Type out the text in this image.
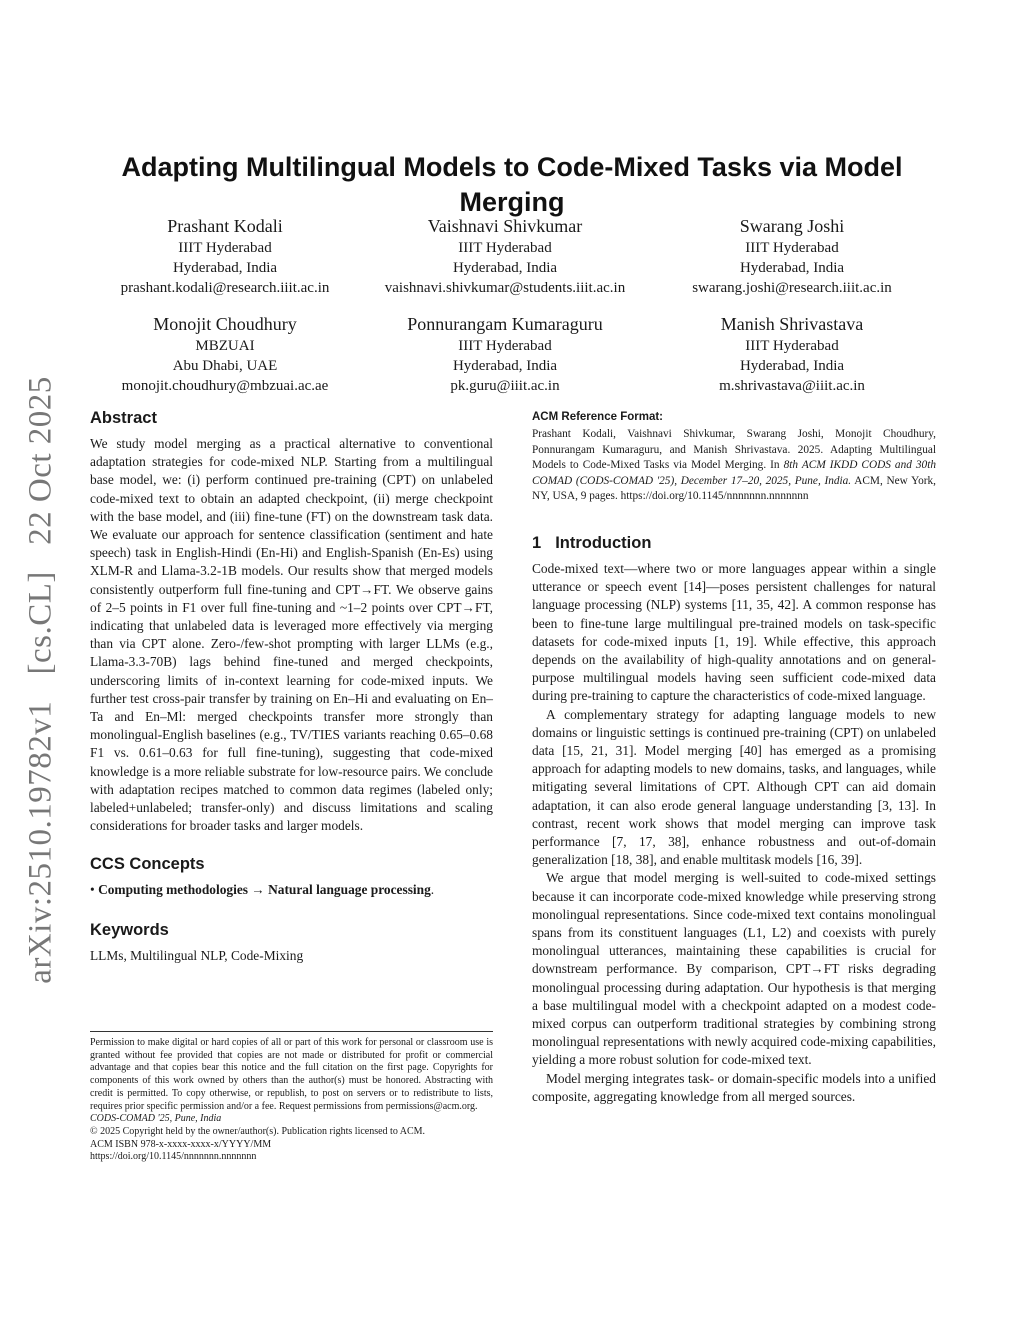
arXiv:2510.19782v1   [cs.CL]   22 Oct 2025
Adapting Multilingual Models to Code-Mixed Tasks via Model Merging
Prashant Kodali
IIIT Hyderabad
Hyderabad, India
prashant.kodali@research.iiit.ac.in
Vaishnavi Shivkumar
IIIT Hyderabad
Hyderabad, India
vaishnavi.shivkumar@students.iiit.ac.in
Swarang Joshi
IIIT Hyderabad
Hyderabad, India
swarang.joshi@research.iiit.ac.in
Monojit Choudhury
MBZUAI
Abu Dhabi, UAE
monojit.choudhury@mbzuai.ac.ae
Ponnurangam Kumaraguru
IIIT Hyderabad
Hyderabad, India
pk.guru@iiit.ac.in
Manish Shrivastava
IIIT Hyderabad
Hyderabad, India
m.shrivastava@iiit.ac.in
Abstract

We study model merging as a practical alternative to conventional adaptation strategies for code-mixed NLP. Starting from a multilingual base model, we: (i) perform continued pre-training (CPT) on unlabeled code-mixed text to obtain an adapted checkpoint, (ii) merge checkpoint with the base model, and (iii) fine-tune (FT) on the downstream task data. We evaluate our approach for sentence classification (sentiment and hate speech) task in English-Hindi (En-Hi) and English-Spanish (En-Es) using XLM-R and Llama-3.2-1B models. Our results show that merged models consistently outperform full fine-tuning and CPT→FT. We observe gains of 2–5 points in F1 over full fine-tuning and ~1–2 points over CPT→FT, indicating that unlabeled data is leveraged more effectively via merging than via CPT alone. Zero-/few-shot prompting with larger LLMs (e.g., Llama-3.3-70B) lags behind fine-tuned and merged checkpoints, underscoring limits of in-context learning for code-mixed inputs. We further test cross-pair transfer by training on En–Hi and evaluating on En–Ta and En–Ml: merged checkpoints transfer more strongly than monolingual-English baselines (e.g., TV/TIES variants reaching 0.65–0.68 F1 vs. 0.61–0.63 for full fine-tuning), suggesting that code-mixed knowledge is a more reliable substrate for low-resource pairs. We conclude with adaptation recipes matched to common data regimes (labeled only; labeled+unlabeled; transfer-only) and discuss limitations and scaling considerations for broader tasks and larger models.

CCS Concepts

• Computing methodologies → Natural language processing.

Keywords

LLMs, Multilingual NLP, Code-Mixing

Permission to make digital or hard copies of all or part of this work for personal or classroom use is granted without fee provided that copies are not made or distributed for profit or commercial advantage and that copies bear this notice and the full citation on the first page. Copyrights for components of this work owned by others than the author(s) must be honored. Abstracting with credit is permitted. To copy otherwise, or republish, to post on servers or to redistribute to lists, requires prior specific permission and/or a fee. Request permissions from permissions@acm.org.

CODS-COMAD '25, Pune, India

© 2025 Copyright held by the owner/author(s). Publication rights licensed to ACM.

ACM ISBN 978-x-xxxx-xxxx-x/YYYY/MM

https://doi.org/10.1145/nnnnnnn.nnnnnnn

ACM Reference Format:

Prashant Kodali, Vaishnavi Shivkumar, Swarang Joshi, Monojit Choudhury, Ponnurangam Kumaraguru, and Manish Shrivastava. 2025. Adapting Multilingual Models to Code-Mixed Tasks via Model Merging. In 8th ACM IKDD CODS and 30th COMAD (CODS-COMAD '25), December 17–20, 2025, Pune, India. ACM, New York, NY, USA, 9 pages. https://doi.org/10.1145/nnnnnnn.nnnnnnn

1 Introduction

Code-mixed text—where two or more languages appear within a single utterance or speech event [14]—poses persistent challenges for natural language processing (NLP) systems [11, 35, 42]. A common response has been to fine-tune large multilingual pre-trained models on task-specific datasets for code-mixed inputs [1, 19]. While effective, this approach depends on the availability of high-quality annotations and on general-purpose multilingual models having seen sufficient code-mixed data during pre-training to capture the characteristics of code-mixed language.

A complementary strategy for adapting language models to new domains or linguistic settings is continued pre-training (CPT) on unlabeled data [15, 21, 31]. Model merging [40] has emerged as a promising approach for adapting models to new domains, tasks, and languages, while mitigating several limitations of CPT. Although CPT can aid domain adaptation, it can also erode general language understanding [3, 13]. In contrast, recent work shows that model merging can improve task performance [7, 17, 38], enhance robustness and out-of-domain generalization [18, 38], and enable multitask models [16, 39].

We argue that model merging is well-suited to code-mixed settings because it can incorporate code-mixed knowledge while preserving strong monolingual representations. Since code-mixed text contains monolingual spans from its constituent languages (L1, L2) and coexists with purely monolingual utterances, maintaining these capabilities is crucial for downstream performance. By comparison, CPT→FT risks degrading monolingual processing during adaptation. Our hypothesis is that merging a base multilingual model with a checkpoint adapted on a modest code-mixed corpus can outperform traditional strategies by combining strong monolingual representations with newly acquired code-mixing capabilities, yielding a more robust solution for code-mixed text.

Model merging integrates task- or domain-specific models into a unified composite, aggregating knowledge from all merged sources.
